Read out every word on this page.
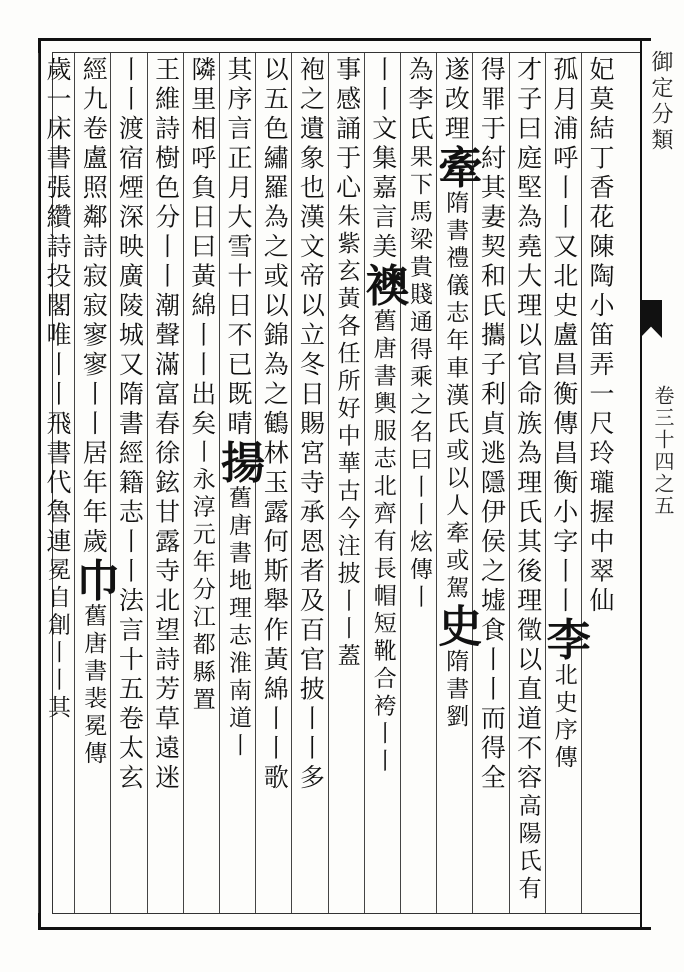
御定分類
卷三十四之五
妃莫結丁香花陳陶小笛弄一尺玲瓏握中翠仙
孤月浦呼丨丨又北史盧昌衡傳昌衡小字丨丨李北史序傳
才子曰庭堅為堯大理以官命族為理氏其後理徵以直道不容高陽氏有
得罪于紂其妻契和氏攜子利貞逃隱伊侯之墟食丨丨而得全
遂改理牽隋書禮儀志年車漢氏或以人牽或駕史隋書劉
為李氏果下馬梁貴賤通得乘之名曰丨丨炫傳丨
丨丨文集嘉言美襖舊唐書輿服志北齊有長帽短靴合袴丨丨
事感誦于心朱紫玄黃各任所好中華古今注披丨丨蓋
袍之遺象也漢文帝以立冬日賜宮寺承恩者及百官披丨丨多
以五色繡羅為之或以錦為之鶴林玉露何斯舉作黃綿丨丨歌
其序言正月大雪十日不已既晴揚舊唐書地理志淮南道丨
隣里相呼負日曰黃綿丨丨出矣丨永淳元年分江都縣置
王維詩樹色分丨丨潮聲滿富春徐鉉甘露寺北望詩芳草遠迷
丨丨渡宿煙深映廣陵城又隋書經籍志丨丨法言十五卷太玄
經九卷盧照鄰詩寂寂寥寥丨丨居年年歲巾舊唐書裴冕傳
歲一床書張纘詩投閣唯丨丨飛書代魯連冕自創丨丨其
